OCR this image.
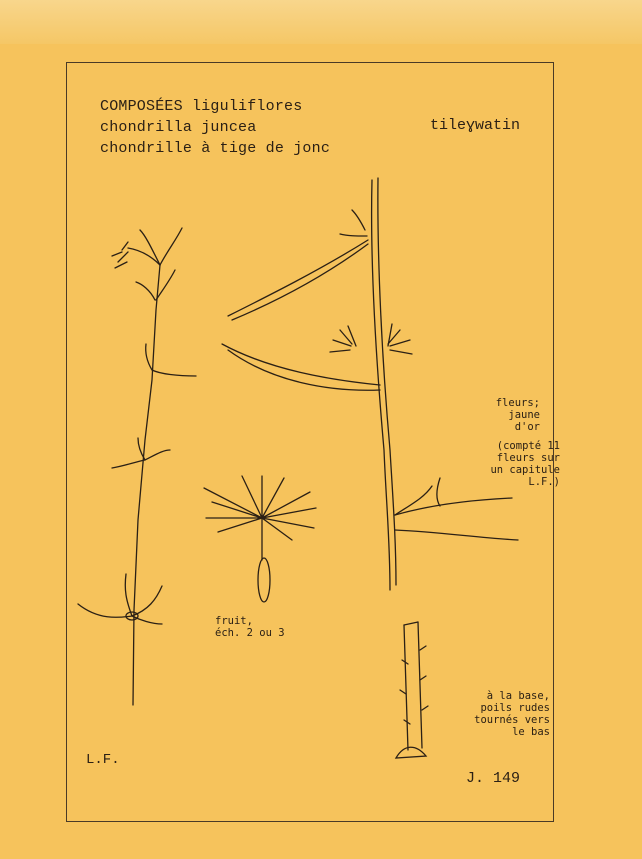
COMPOSÉES liguliflores
chondrilla juncea
chondrille à tige de jonc
tileɣwatin
fleurs;
jaune
d'or
(compté 11
fleurs sur
un capitule
L.F.)
fruit,
éch. 2 ou 3
à la base,
poils rudes
tournés vers
le bas
L.F.
J. 149
